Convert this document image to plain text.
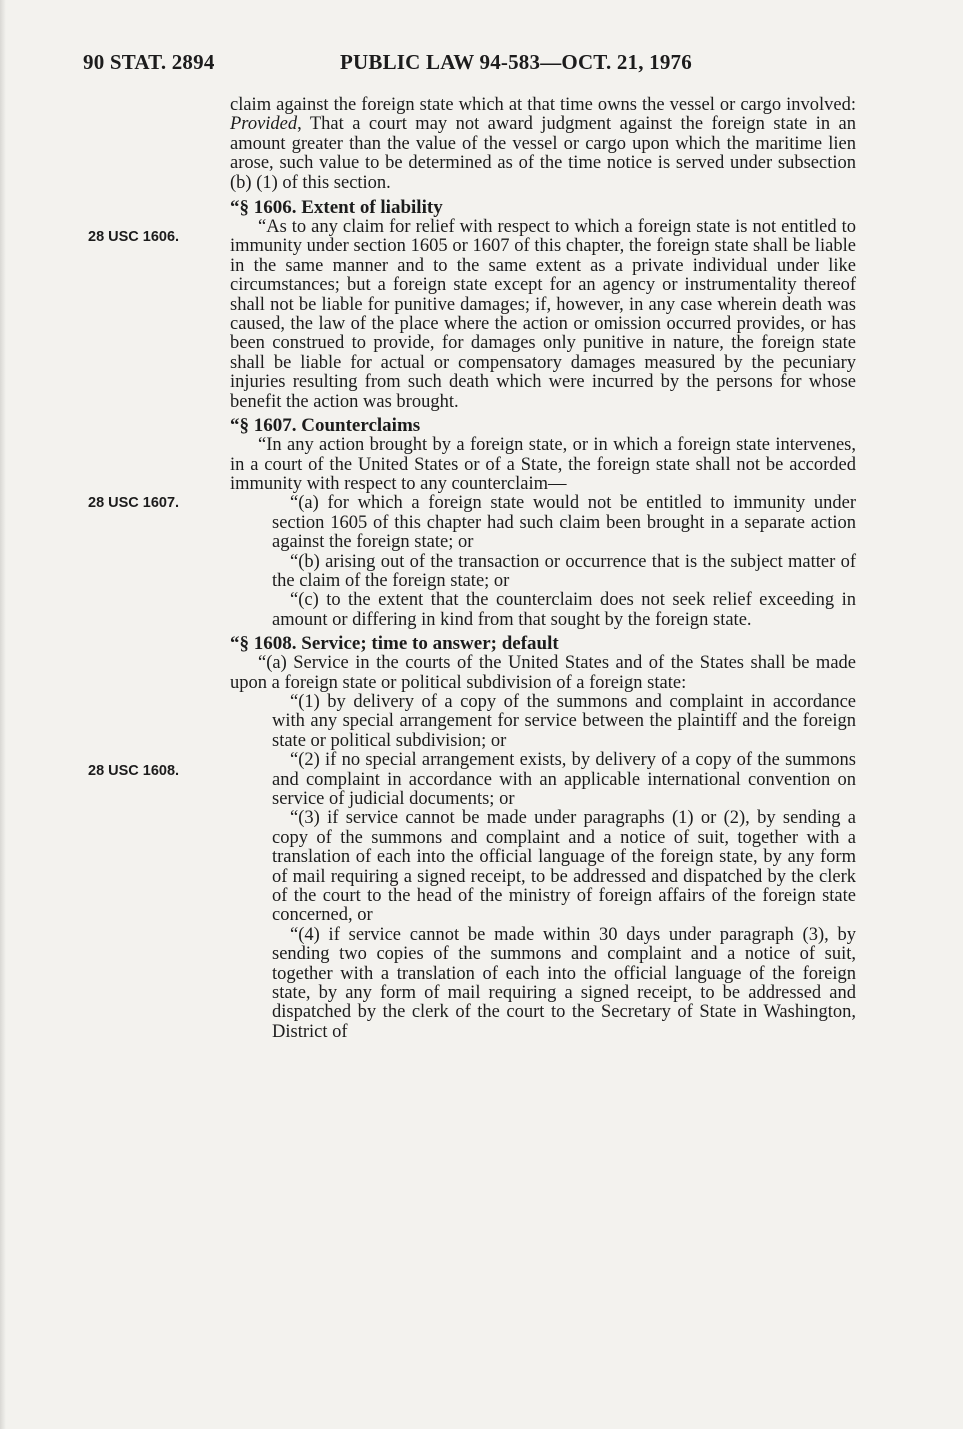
90 STAT. 2894	PUBLIC LAW 94-583—OCT. 21, 1976
28 USC 1606.
28 USC 1607.
28 USC 1608.

claim against the foreign state which at that time owns the vessel or cargo involved: Provided, That a court may not award judgment against the foreign state in an amount greater than the value of the vessel or cargo upon which the maritime lien arose, such value to be determined as of the time notice is served under subsection (b) (1) of this section.

“§ 1606. Extent of liability

“As to any claim for relief with respect to which a foreign state is not entitled to immunity under section 1605 or 1607 of this chapter, the foreign state shall be liable in the same manner and to the same extent as a private individual under like circumstances; but a foreign state except for an agency or instrumentality thereof shall not be liable for punitive damages; if, however, in any case wherein death was caused, the law of the place where the action or omission occurred provides, or has been construed to provide, for damages only punitive in nature, the foreign state shall be liable for actual or compensatory damages measured by the pecuniary injuries resulting from such death which were incurred by the persons for whose benefit the action was brought.

“§ 1607. Counterclaims

“In any action brought by a foreign state, or in which a foreign state intervenes, in a court of the United States or of a State, the foreign state shall not be accorded immunity with respect to any counterclaim—

“(a) for which a foreign state would not be entitled to immunity under section 1605 of this chapter had such claim been brought in a separate action against the foreign state; or

“(b) arising out of the transaction or occurrence that is the subject matter of the claim of the foreign state; or

“(c) to the extent that the counterclaim does not seek relief exceeding in amount or differing in kind from that sought by the foreign state.

“§ 1608. Service; time to answer; default

“(a) Service in the courts of the United States and of the States shall be made upon a foreign state or political subdivision of a foreign state:

“(1) by delivery of a copy of the summons and complaint in accordance with any special arrangement for service between the plaintiff and the foreign state or political subdivision; or

“(2) if no special arrangement exists, by delivery of a copy of the summons and complaint in accordance with an applicable international convention on service of judicial documents; or

“(3) if service cannot be made under paragraphs (1) or (2), by sending a copy of the summons and complaint and a notice of suit, together with a translation of each into the official language of the foreign state, by any form of mail requiring a signed receipt, to be addressed and dispatched by the clerk of the court to the head of the ministry of foreign affairs of the foreign state concerned, or

“(4) if service cannot be made within 30 days under paragraph (3), by sending two copies of the summons and complaint and a notice of suit, together with a translation of each into the official language of the foreign state, by any form of mail requiring a signed receipt, to be addressed and dispatched by the clerk of the court to the Secretary of State in Washington, District of
